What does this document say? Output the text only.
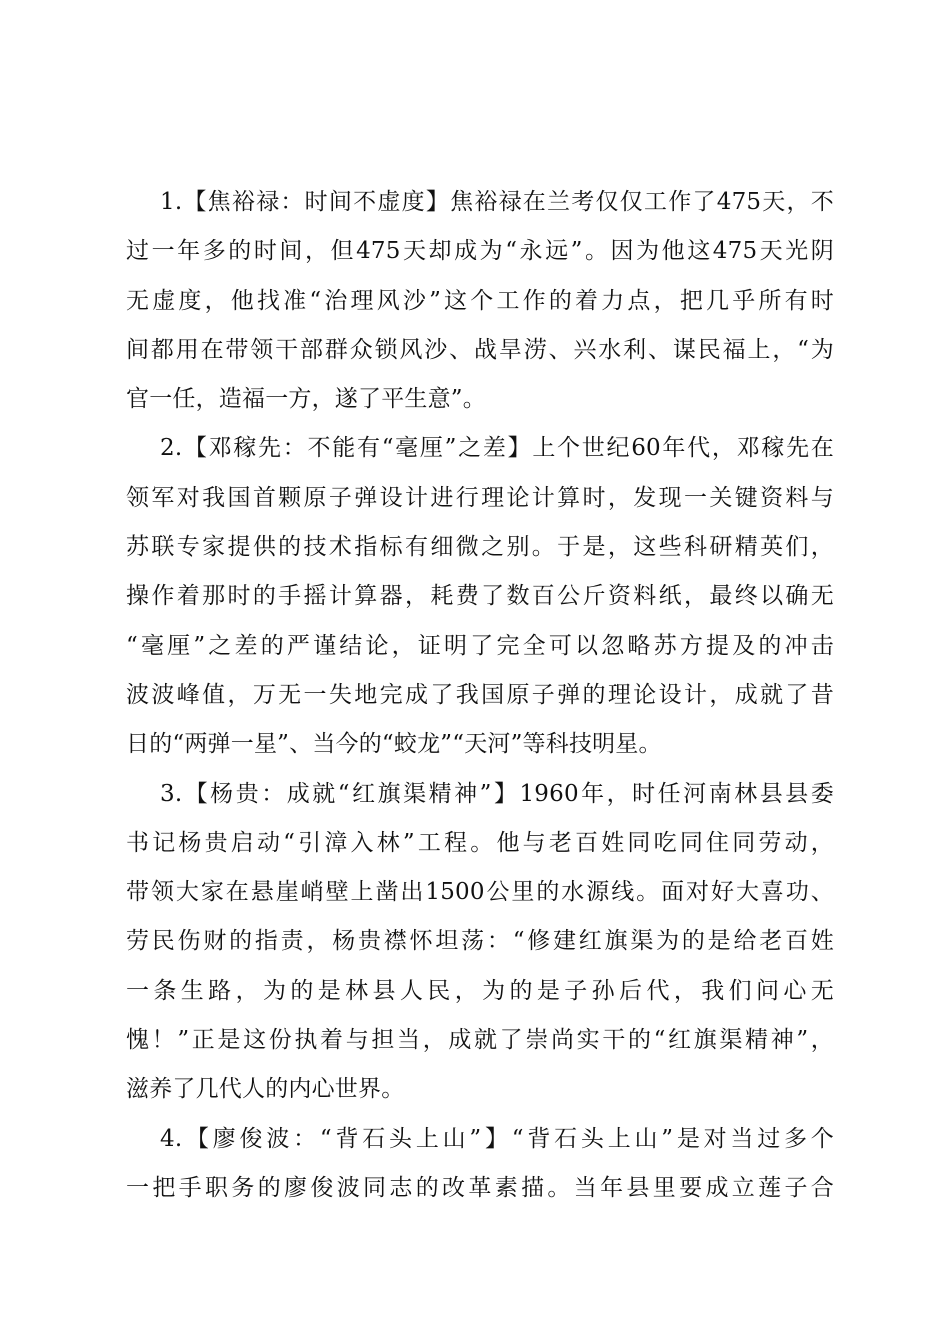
1.【焦裕禄：时间不虚度】焦裕禄在兰考仅仅工作了475天，不
过一年多的时间，但475天却成为“永远”。因为他这475天光阴
无虚度，他找准“治理风沙”这个工作的着力点，把几乎所有时
间都用在带领干部群众锁风沙、战旱涝、兴水利、谋民福上，“为
官一任，造福一方，遂了平生意”。
2.【邓稼先：不能有“毫厘”之差】上个世纪60年代，邓稼先在
领军对我国首颗原子弹设计进行理论计算时，发现一关键资料与
苏联专家提供的技术指标有细微之别。于是，这些科研精英们，
操作着那时的手摇计算器，耗费了数百公斤资料纸，最终以确无
“毫厘”之差的严谨结论，证明了完全可以忽略苏方提及的冲击
波波峰值，万无一失地完成了我国原子弹的理论设计，成就了昔
日的“两弹一星”、当今的“蛟龙”“天河”等科技明星。
3.【杨贵：成就“红旗渠精神”】1960年，时任河南林县县委
书记杨贵启动“引漳入林”工程。他与老百姓同吃同住同劳动，
带领大家在悬崖峭壁上凿出1500公里的水源线。面对好大喜功、
劳民伤财的指责，杨贵襟怀坦荡：“修建红旗渠为的是给老百姓
一条生路，为的是林县人民，为的是子孙后代，我们问心无
愧！”正是这份执着与担当，成就了崇尚实干的“红旗渠精神”，
滋养了几代人的内心世界。
4.【廖俊波：“背石头上山”】“背石头上山”是对当过多个
一把手职务的廖俊波同志的改革素描。当年县里要成立莲子合
